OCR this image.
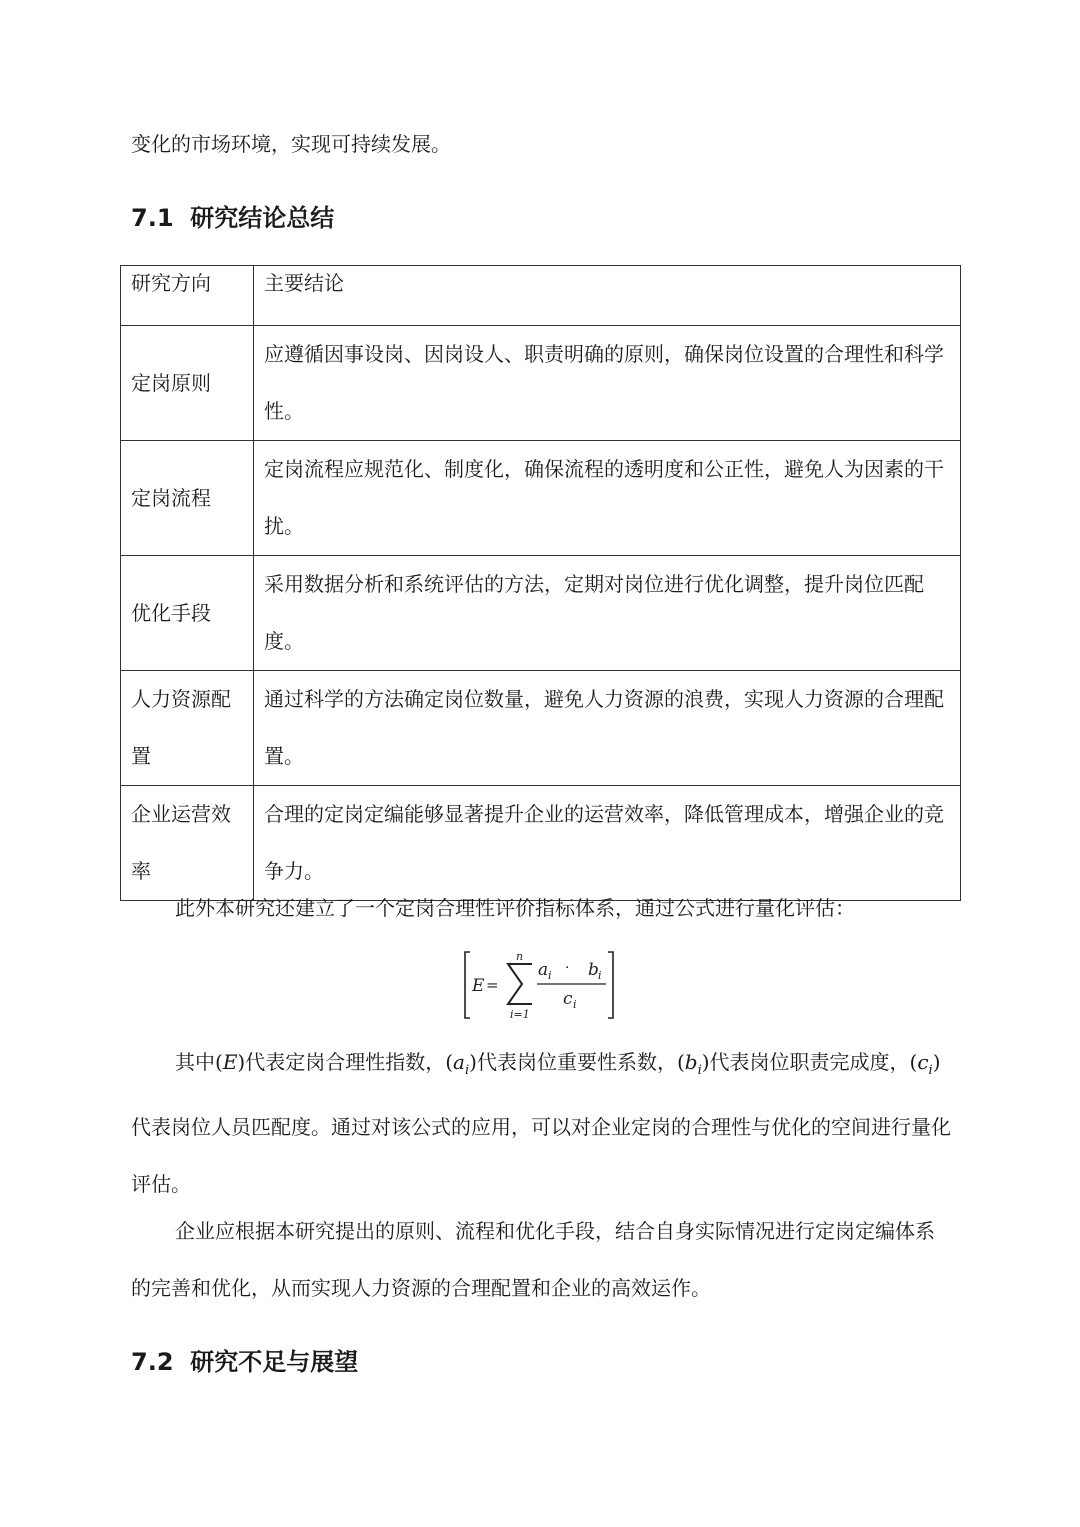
变化的市场环境，实现可持续发展。

7.1 研究结论总结
研究方向	主要结论
定岗原则	应遵循因事设岗、因岗设人、职责明确的原则，确保岗位设置的合理性和科学性。
定岗流程	定岗流程应规范化、制度化，确保流程的透明度和公正性，避免人为因素的干扰。
优化手段	采用数据分析和系统评估的方法，定期对岗位进行优化调整，提升岗位匹配度。
人力资源配置	通过科学的方法确定岗位数量，避免人力资源的浪费，实现人力资源的合理配置。
企业运营效率	合理的定岗定编能够显著提升企业的运营效率，降低管理成本，增强企业的竞争力。

此外本研究还建立了一个定岗合理性评价指标体系，通过公式进行量化评估：

E =
n
i=1
a i · b i
c i

其中(E)代表定岗合理性指数，$(a_i)$代表岗位重要性系数，$(b_i)$代表岗位职责完成度，$(c_i)$代表岗位人员匹配度。通过对该公式的应用，可以对企业定岗的合理性与优化的空间进行量化评估。

企业应根据本研究提出的原则、流程和优化手段，结合自身实际情况进行定岗定编体系的完善和优化，从而实现人力资源的合理配置和企业的高效运作。

7.2 研究不足与展望
